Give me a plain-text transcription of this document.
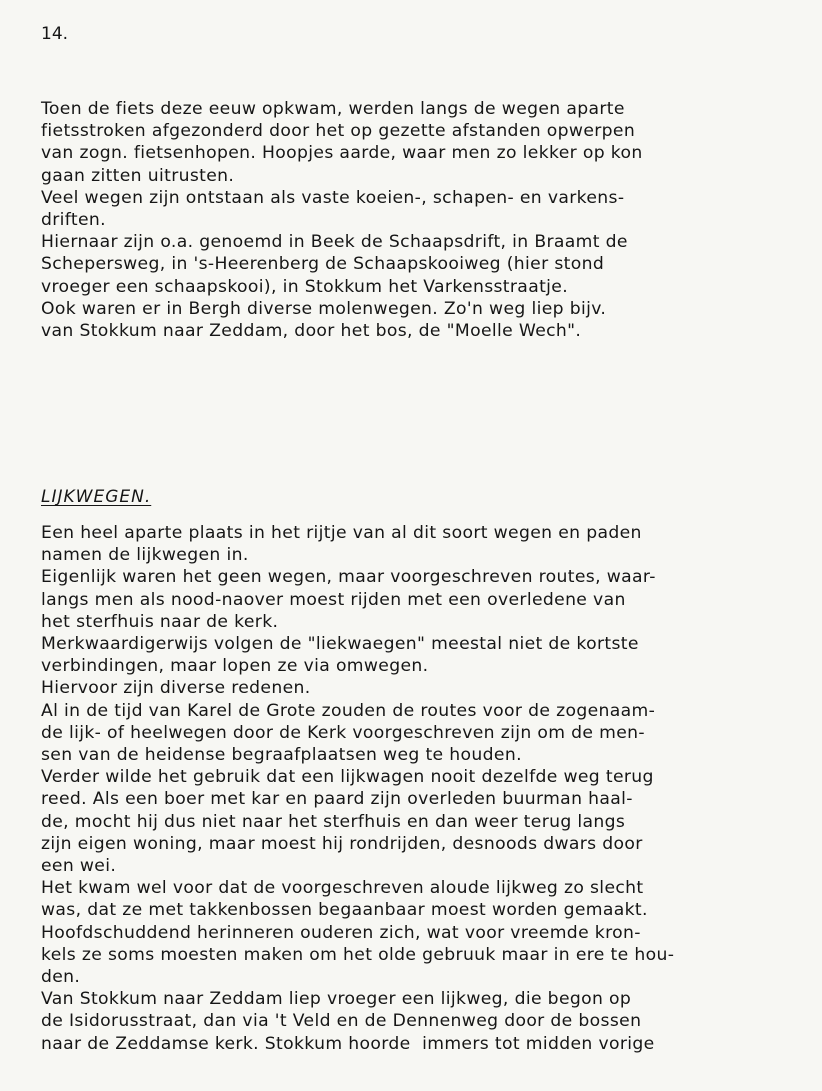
14.
Toen de fiets deze eeuw opkwam, werden langs de wegen aparte
fietsstroken afgezonderd door het op gezette afstanden opwerpen
van zogn. fietsenhopen. Hoopjes aarde, waar men zo lekker op kon
gaan zitten uitrusten.
Veel wegen zijn ontstaan als vaste koeien-, schapen- en varkens-
driften.
Hiernaar zijn o.a. genoemd in Beek de Schaapsdrift, in Braamt de
Schepersweg, in 's-Heerenberg de Schaapskooiweg (hier stond
vroeger een schaapskooi), in Stokkum het Varkensstraatje.
Ook waren er in Bergh diverse molenwegen. Zo'n weg liep bijv.
van Stokkum naar Zeddam, door het bos, de "Moelle Wech".
LIJKWEGEN.
Een heel aparte plaats in het rijtje van al dit soort wegen en paden
namen de lijkwegen in.
Eigenlijk waren het geen wegen, maar voorgeschreven routes, waar-
langs men als nood-naover moest rijden met een overledene van
het sterfhuis naar de kerk.
Merkwaardigerwijs volgen de "liekwaegen" meestal niet de kortste
verbindingen, maar lopen ze via omwegen.
Hiervoor zijn diverse redenen.
Al in de tijd van Karel de Grote zouden de routes voor de zogenaam-
de lijk- of heelwegen door de Kerk voorgeschreven zijn om de men-
sen van de heidense begraafplaatsen weg te houden.
Verder wilde het gebruik dat een lijkwagen nooit dezelfde weg terug
reed. Als een boer met kar en paard zijn overleden buurman haal-
de, mocht hij dus niet naar het sterfhuis en dan weer terug langs
zijn eigen woning, maar moest hij rondrijden, desnoods dwars door
een wei.
Het kwam wel voor dat de voorgeschreven aloude lijkweg zo slecht
was, dat ze met takkenbossen begaanbaar moest worden gemaakt.
Hoofdschuddend herinneren ouderen zich, wat voor vreemde kron-
kels ze soms moesten maken om het olde gebruuk maar in ere te hou-
den.
Van Stokkum naar Zeddam liep vroeger een lijkweg, die begon op
de Isidorusstraat, dan via 't Veld en de Dennenweg door de bossen
naar de Zeddamse kerk. Stokkum hoorde  immers tot midden vorige
